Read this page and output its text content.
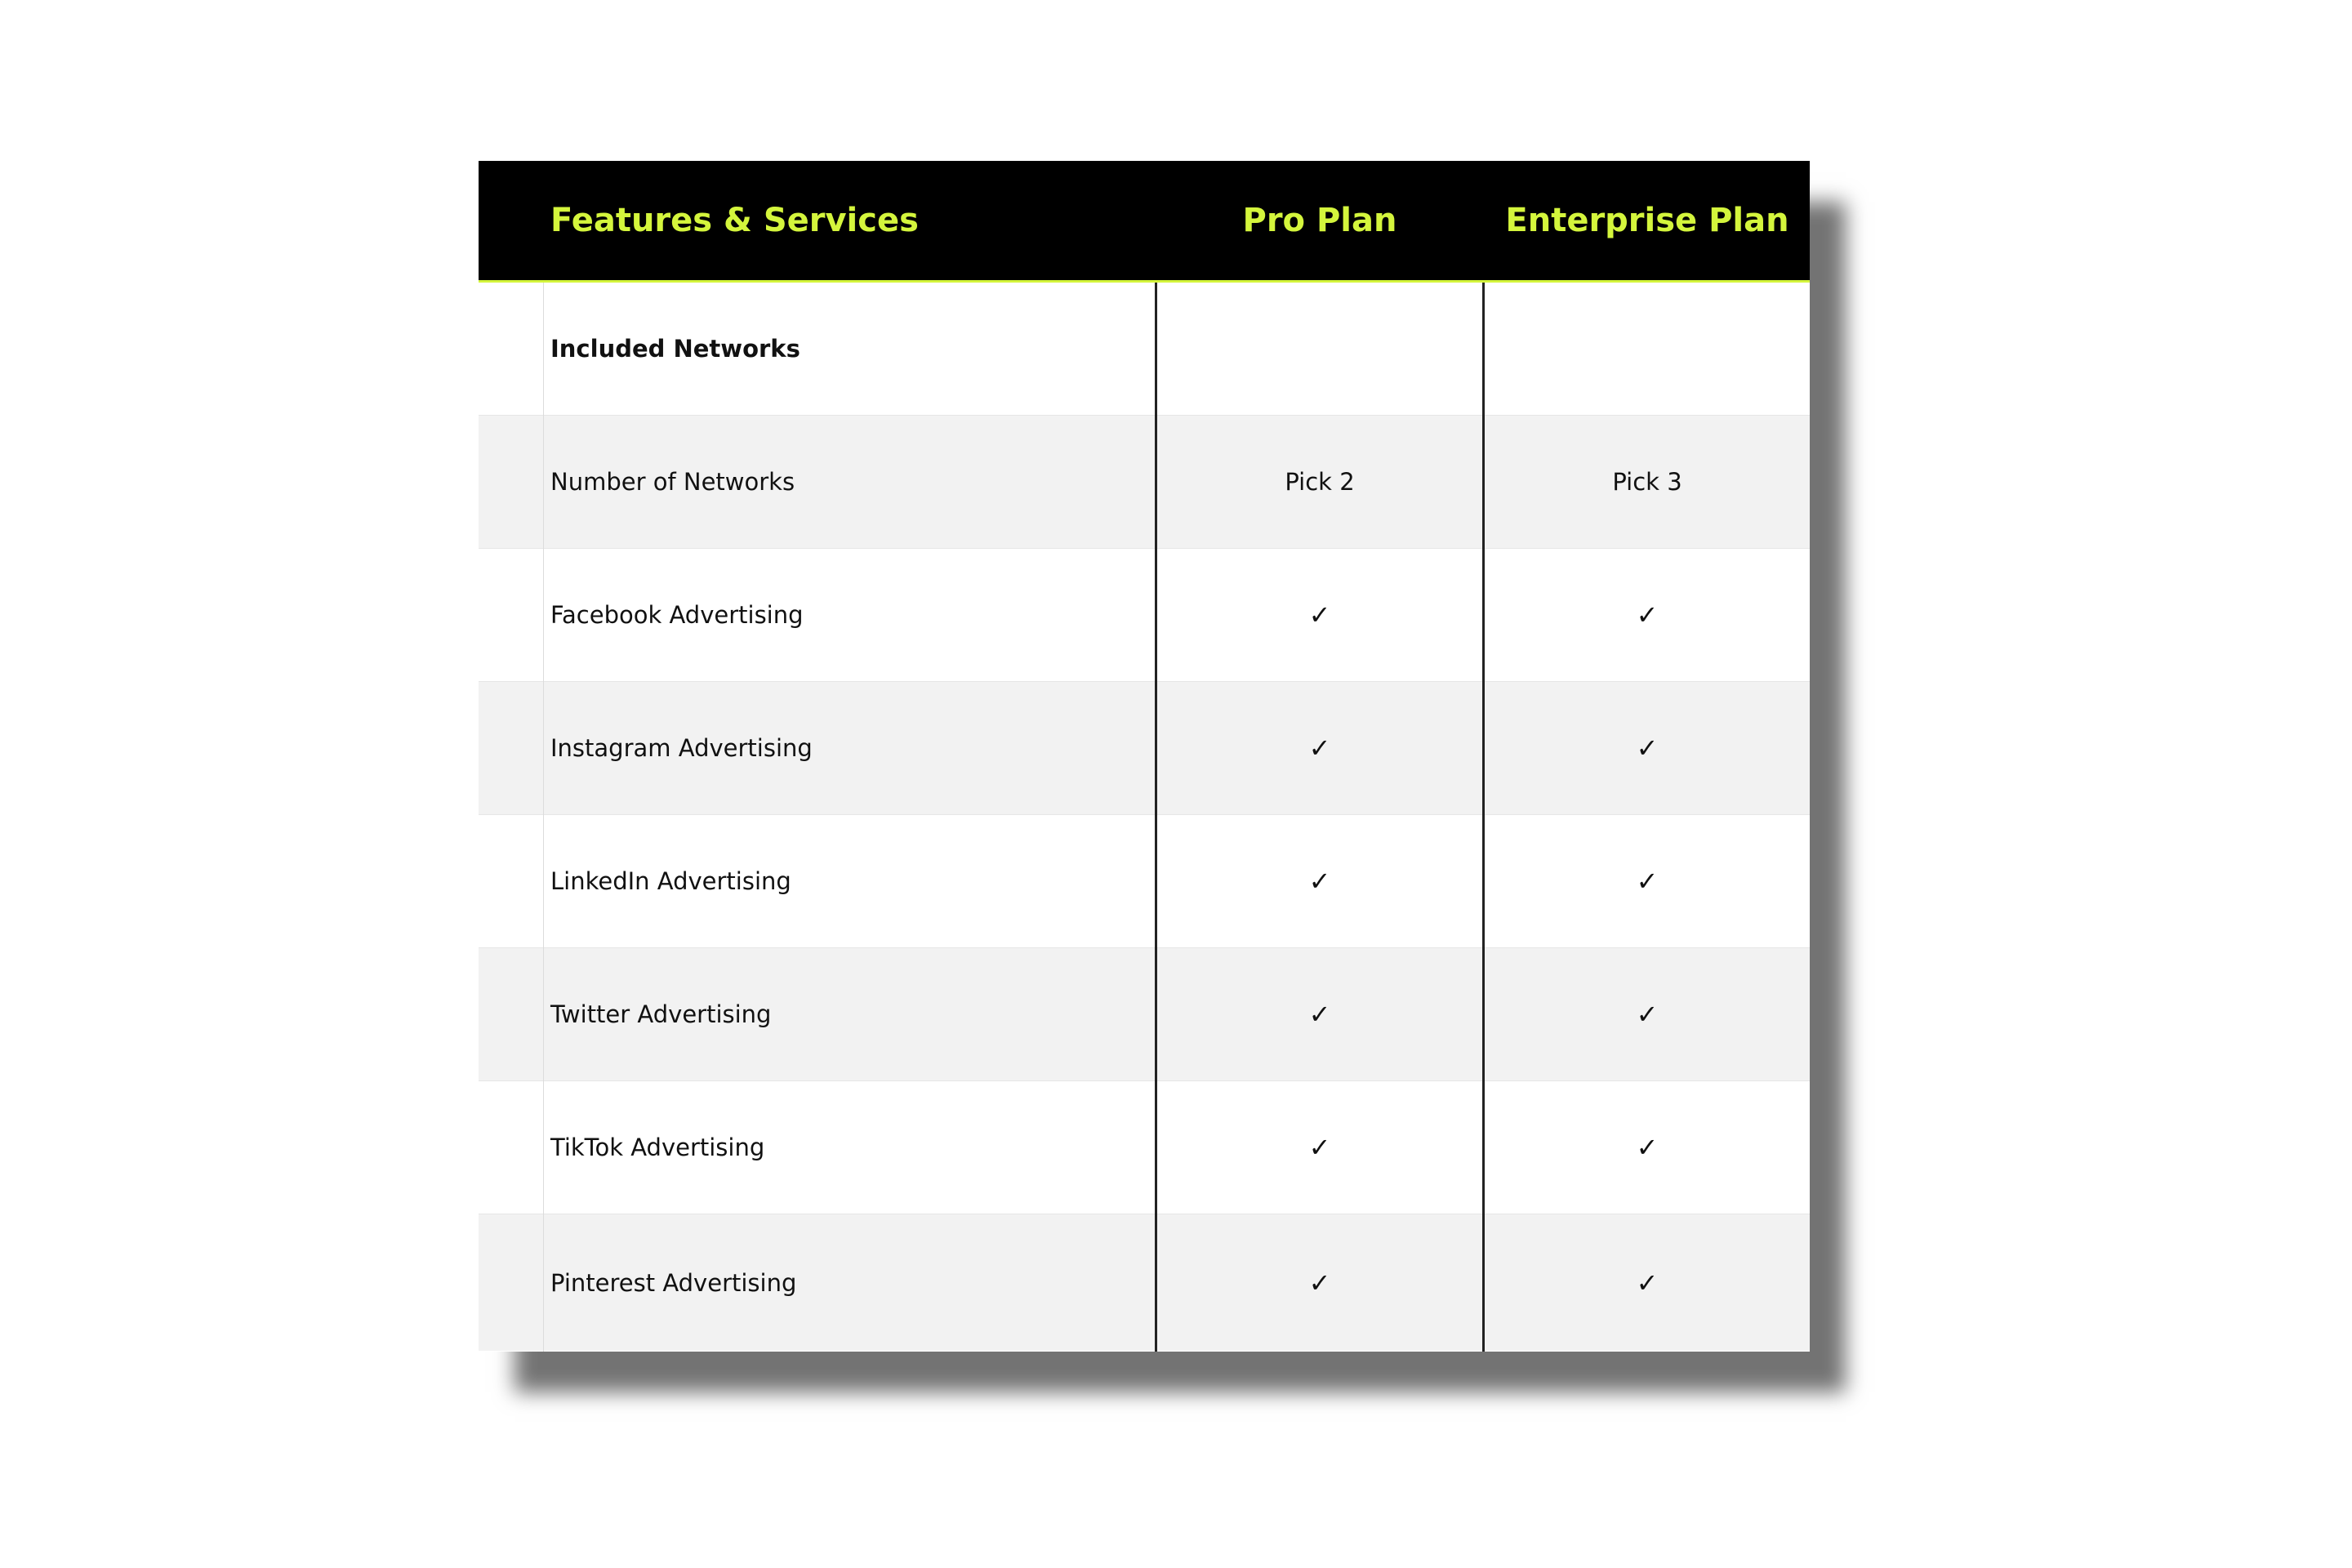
Features & Services	Pro Plan	Enterprise Plan
Included Networks
Number of Networks	Pick 2	Pick 3
Facebook Advertising	✓	✓
Instagram Advertising	✓	✓
LinkedIn Advertising	✓	✓
Twitter Advertising	✓	✓
TikTok Advertising	✓	✓
Pinterest Advertising	✓	✓
